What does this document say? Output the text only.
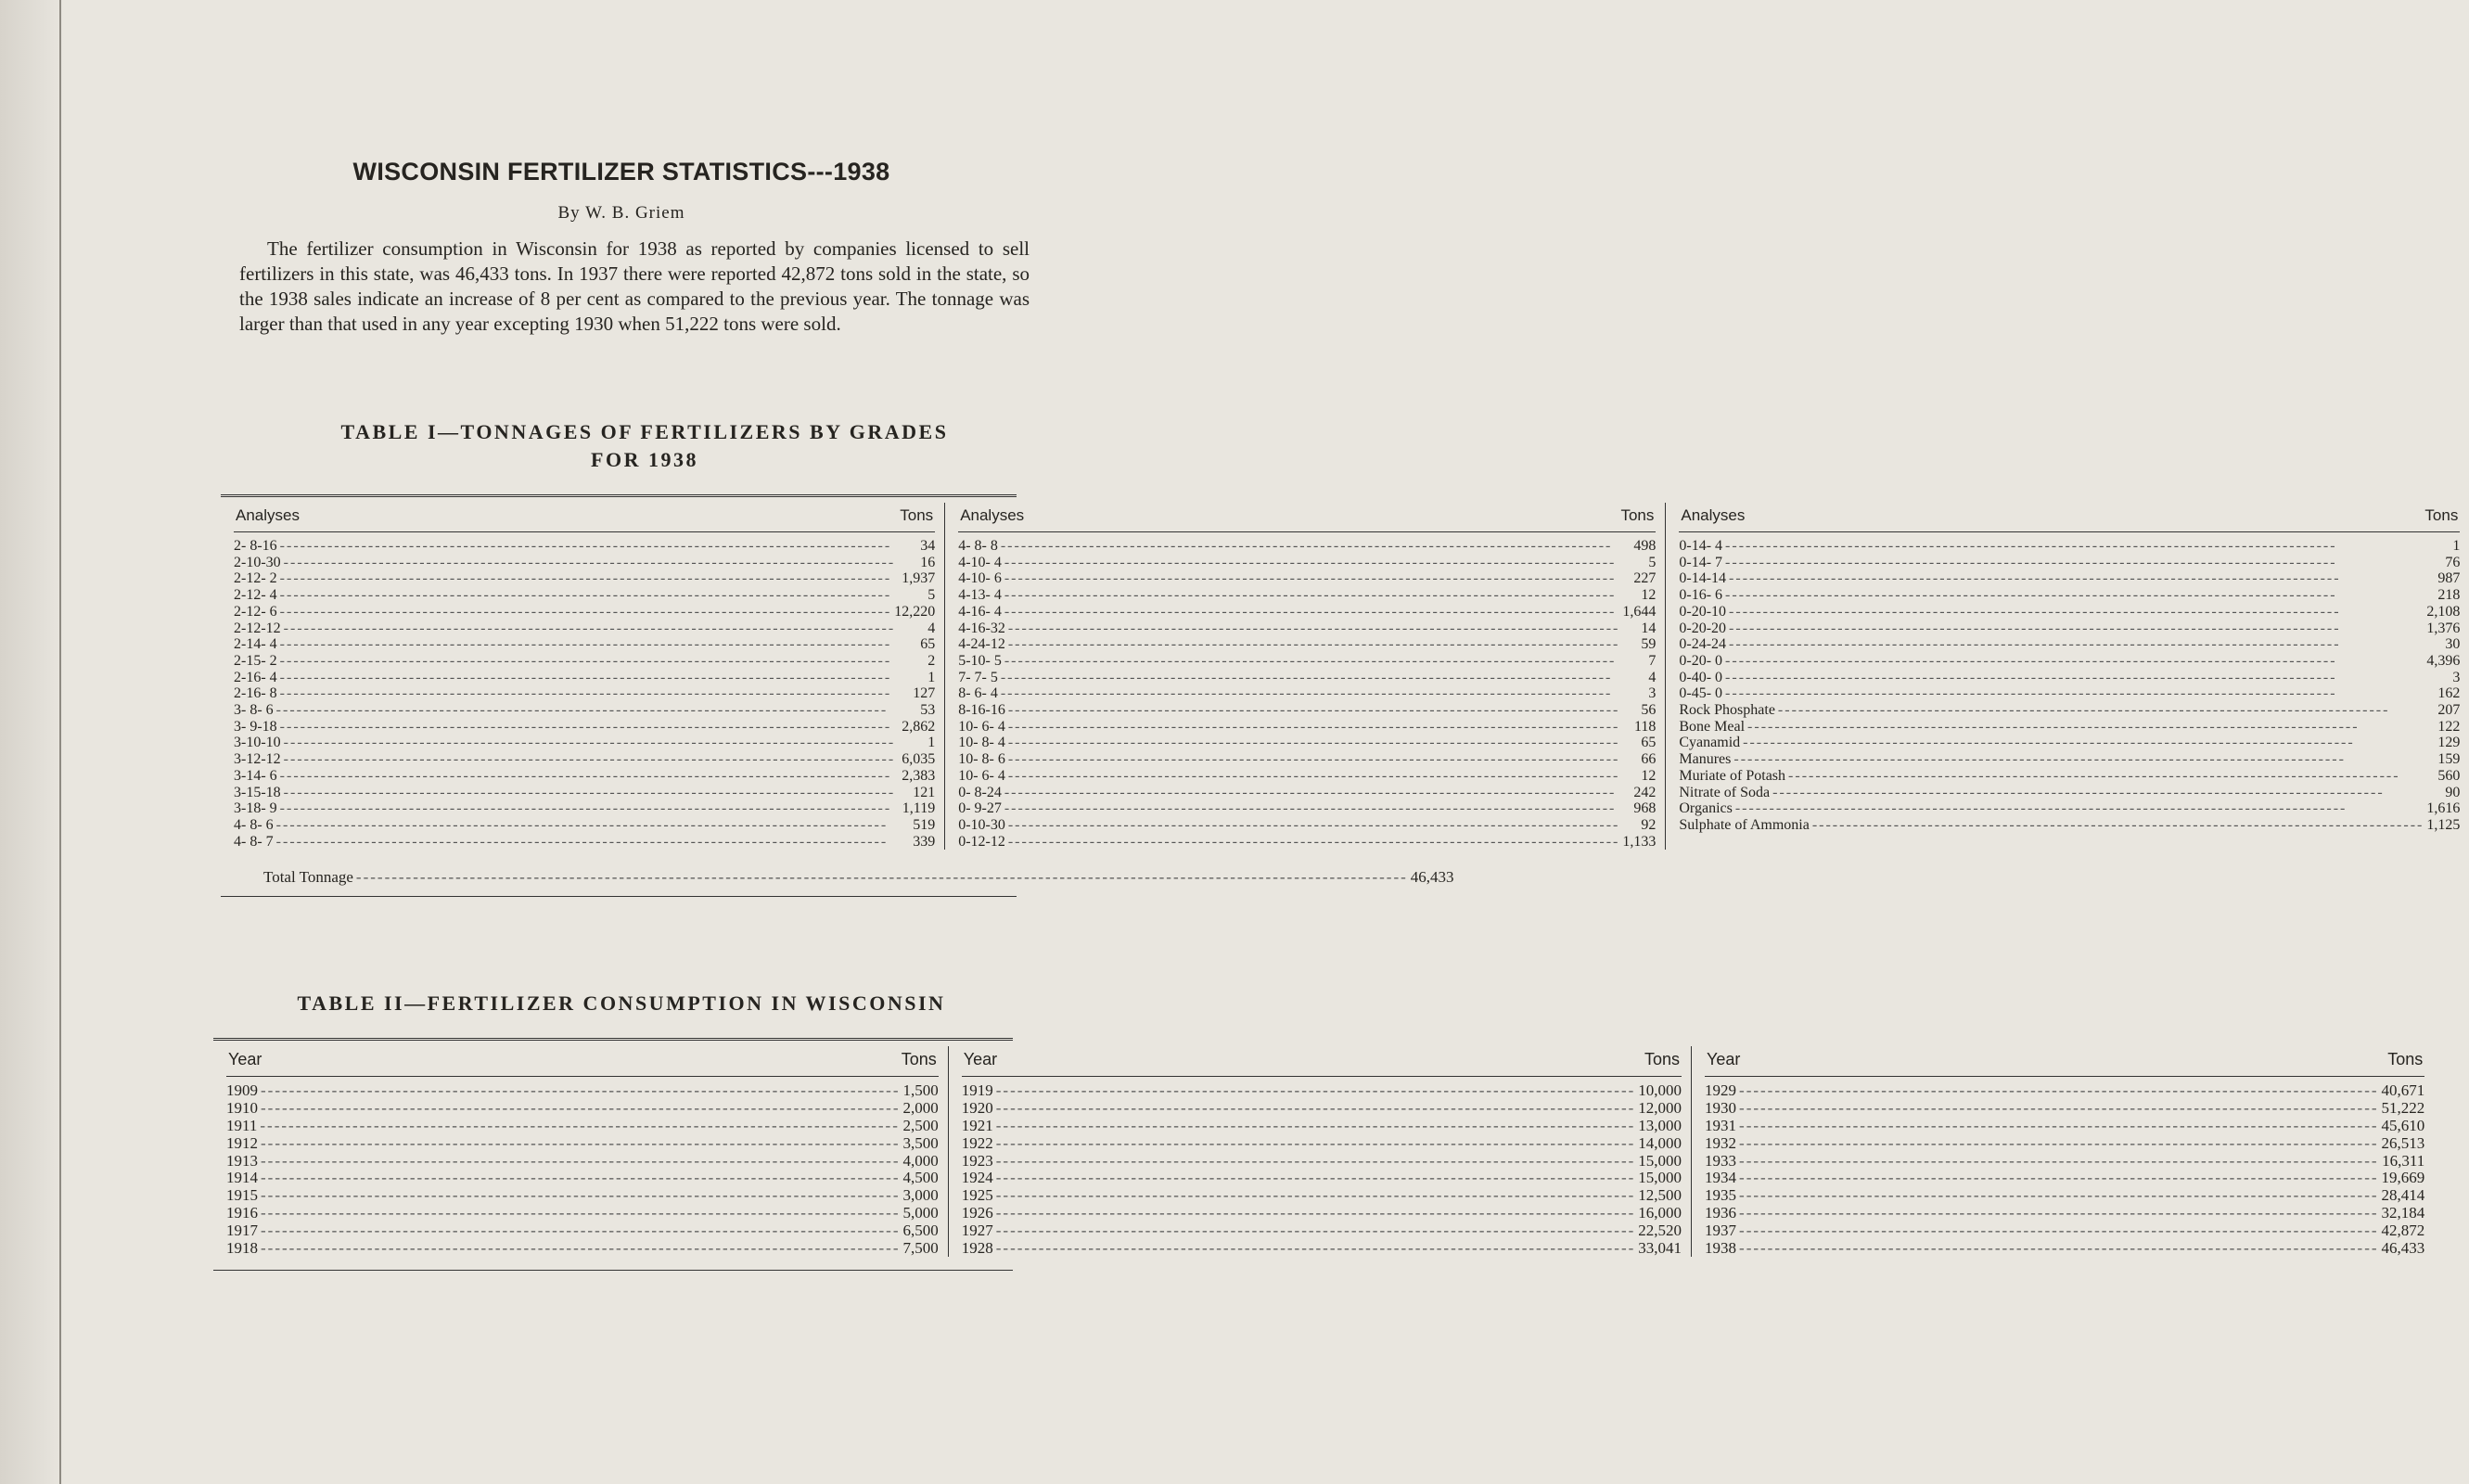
WISCONSIN FERTILIZER STATISTICS---1938
By W. B. Griem

The fertilizer consumption in Wisconsin for 1938 as reported by companies licensed to sell fertilizers in this state, was 46,433 tons. In 1937 there were reported 42,872 tons sold in the state, so the 1938 sales indicate an increase of 8 per cent as compared to the previous year. The tonnage was larger than that used in any year excepting 1930 when 51,222 tons were sold.

TABLE I—TONNAGES OF FERTILIZERS BY GRADES
FOR 1938
Analyses	Tons
2- 8-16 -----	34
2-10-30 -----	16
2-12- 2 -----	1,937
2-12- 4 -----	5
2-12- 6 -----	12,220
2-12-12 -----	4
2-14- 4 -----	65
2-15- 2 -----	2
2-16- 4 -----	1
2-16- 8 -----	127
3- 8- 6 -----	53
3- 9-18 -----	2,862
3-10-10 -----	1
3-12-12 -----	6,035
3-14- 6 -----	2,383
3-15-18 -----	121
3-18- 9 -----	1,119
4- 8- 6 -----	519
4- 8- 7 -----	339
Analyses	Tons
4- 8- 8 -----	498
4-10- 4 -----	5
4-10- 6 -----	227
4-13- 4 -----	12
4-16- 4 -----	1,644
4-16-32 -----	14
4-24-12 -----	59
5-10- 5 -----	7
7- 7- 5 -----	4
8- 6- 4 -----	3
8-16-16 -----	56
10- 6- 4 -----	118
10- 8- 4 -----	65
10- 8- 6 -----	66
10- 6- 4 -----	12
0- 8-24 -----	242
0- 9-27 -----	968
0-10-30 -----	92
0-12-12 -----	1,133
Analyses	Tons
0-14- 4 -----	1
0-14- 7 -----	76
0-14-14 -----	987
0-16- 6 -----	218
0-20-10 -----	2,108
0-20-20 -----	1,376
0-24-24 -----	30
0-20- 0 -----	4,396
0-40- 0 -----	3
0-45- 0 -----	162
Rock Phosphate -----	207
Bone Meal -----	122
Cyanamid -----	129
Manures -----	159
Muriate of Potash -----	560
Nitrate of Soda -----	90
Organics -----	1,616
Sulphate of Ammonia -----	1,125
Total Tonnage -----	46,433
TABLE II—FERTILIZER CONSUMPTION IN WISCONSIN
Year	Tons
1909 -----	1,500
1910 -----	2,000
1911 -----	2,500
1912 -----	3,500
1913 -----	4,000
1914 -----	4,500
1915 -----	3,000
1916 -----	5,000
1917 -----	6,500
1918 -----	7,500
Year	Tons
1919 -----	10,000
1920 -----	12,000
1921 -----	13,000
1922 -----	14,000
1923 -----	15,000
1924 -----	15,000
1925 -----	12,500
1926 -----	16,000
1927 -----	22,520
1928 -----	33,041
Year	Tons
1929 -----	40,671
1930 -----	51,222
1931 -----	45,610
1932 -----	26,513
1933 -----	16,311
1934 -----	19,669
1935 -----	28,414
1936 -----	32,184
1937 -----	42,872
1938 -----	46,433
